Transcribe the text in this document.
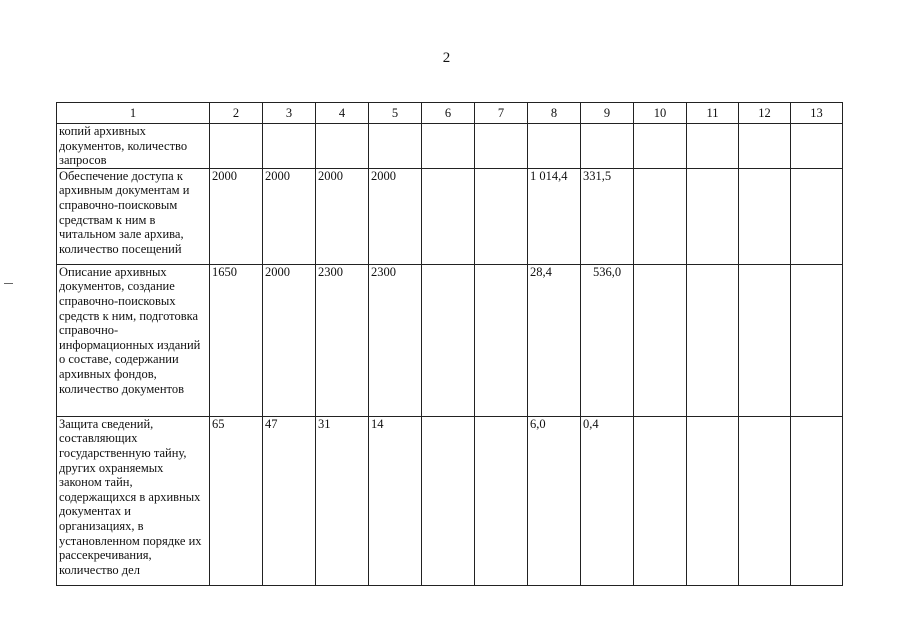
2
1	2	3	4	5	6	7	8	9	10	11	12	13
копий архивных документов, количество запросов												
Обеспечение доступа к архивным документам и справочно-поисковым средствам к ним в читальном зале архива, количество посещений	2000	2000	2000	2000			1 014,4	331,5				
Описание архивных документов, создание справочно-поисковых средств к ним, подготовка справочно-информационных изданий о составе, содержании архивных фондов, количество документов	1650	2000	2300	2300			28,4	536,0				
Защита сведений, составляющих государственную тайну, других охраняемых законом тайн, содержащихся в архивных документах и организациях, в установленном порядке их рассекречивания, количество дел	65	47	31	14			6,0	0,4				
